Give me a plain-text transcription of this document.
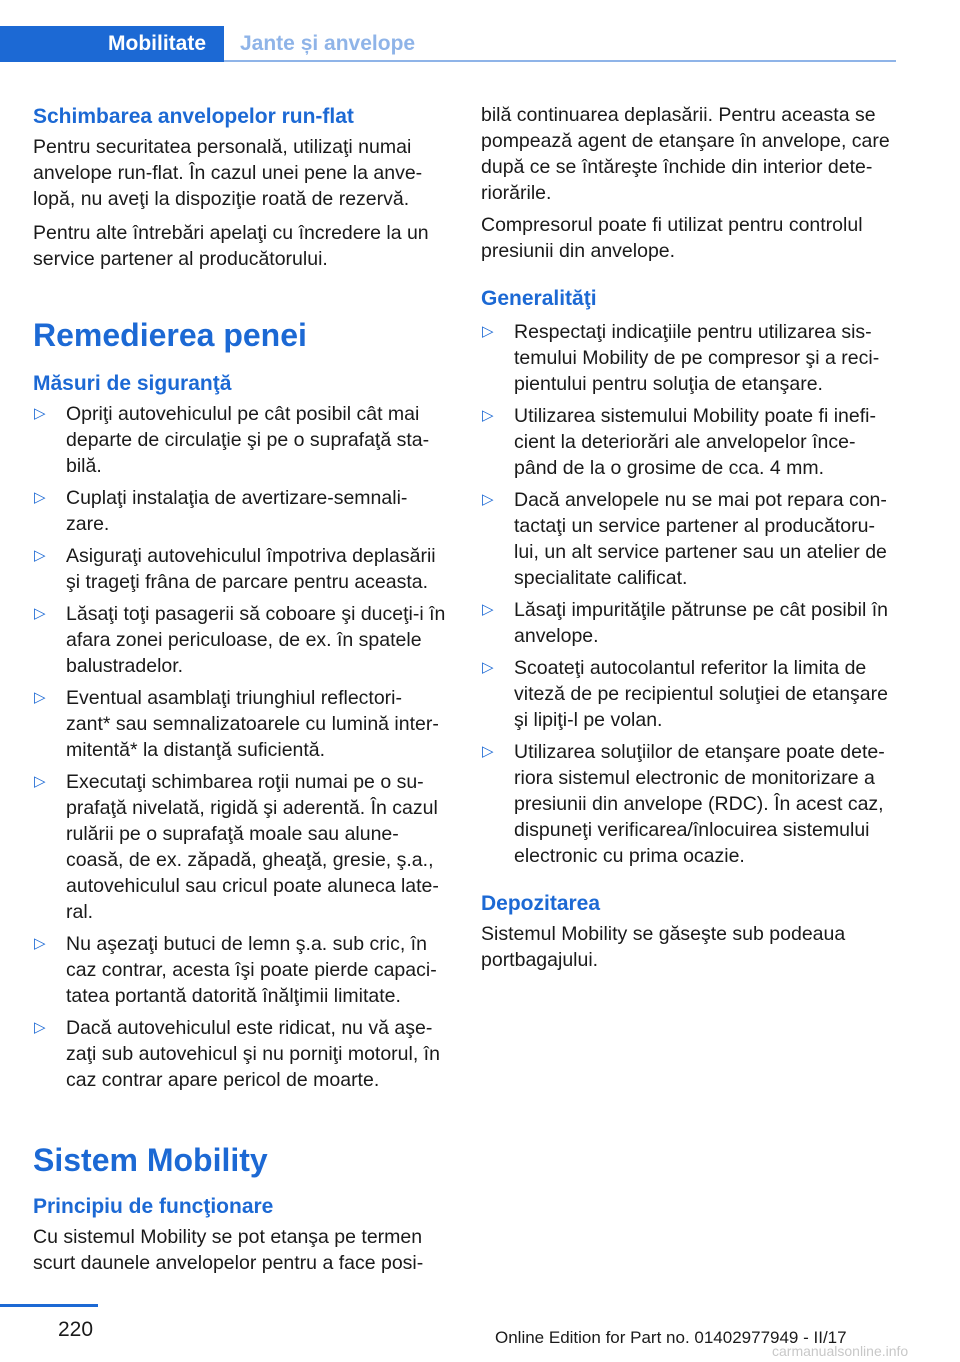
Mobilitate	Jante și anvelope
Schimbarea anvelopelor run-flat

Pentru securitatea personală, utilizaţi numai anvelope run-flat. În cazul unei pene la anve‐ lopă, nu aveţi la dispoziţie roată de rezervă.

Pentru alte întrebări apelaţi cu încredere la un service partener al producătorului.

Remedierea penei
Măsuri de siguranţă
▷	Opriţi autovehiculul pe cât posibil cât mai departe de circulaţie şi pe o suprafaţă sta‐ bilă.
▷	Cuplaţi instalaţia de avertizare-semnali‐ zare.
▷	Asiguraţi autovehiculul împotriva deplasării şi trageţi frâna de parcare pentru aceasta.
▷	Lăsaţi toţi pasagerii să coboare şi duceţi-i în afara zonei periculoase, de ex. în spatele balustradelor.
▷	Eventual asamblaţi triunghiul reflectori‐ zant* sau semnalizatoarele cu lumină inter‐ mitentă* la distanţă suficientă.
▷	Executaţi schimbarea roţii numai pe o su‐ prafaţă nivelată, rigidă şi aderentă. În cazul rulării pe o suprafaţă moale sau alune‐ coasă, de ex. zăpadă, gheaţă, gresie, ş.a., autovehiculul sau cricul poate aluneca late‐ ral.
▷	Nu aşezaţi butuci de lemn ş.a. sub cric, în caz contrar, acesta îşi poate pierde capaci‐ tatea portantă datorită înălţimii limitate.
▷	Dacă autovehiculul este ridicat, nu vă aşe‐ zaţi sub autovehicul şi nu porniţi motorul, în caz contrar apare pericol de moarte.
Sistem Mobility
Principiu de funcţionare

Cu sistemul Mobility se pot etanşa pe termen scurt daunele anvelopelor pentru a face posi‐

bilă continuarea deplasării. Pentru aceasta se pompează agent de etanşare în anvelope, care după ce se întăreşte închide din interior dete‐ riorările.

Compresorul poate fi utilizat pentru controlul presiunii din anvelope.

Generalităţi
▷	Respectaţi indicaţiile pentru utilizarea sis‐ temului Mobility de pe compresor şi a reci‐ pientului pentru soluţia de etanşare.
▷	Utilizarea sistemului Mobility poate fi inefi‐ cient la deteriorări ale anvelopelor înce‐ pând de la o grosime de cca. 4 mm.
▷	Dacă anvelopele nu se mai pot repara con‐ tactaţi un service partener al producătoru‐ lui, un alt service partener sau un atelier de specialitate calificat.
▷	Lăsaţi impurităţile pătrunse pe cât posibil în anvelope.
▷	Scoateţi autocolantul referitor la limita de viteză de pe recipientul soluţiei de etanşare şi lipiţi-l pe volan.
▷	Utilizarea soluţiilor de etanşare poate dete‐ riora sistemul electronic de monitorizare a presiunii din anvelope (RDC). În acest caz, dispuneţi verificarea/înlocuirea sistemului electronic cu prima ocazie.
Depozitarea

Sistemul Mobility se găseşte sub podeaua portbagajului.

220	Online Edition for Part no. 01402977949 - II/17
carmanualsonline.info
